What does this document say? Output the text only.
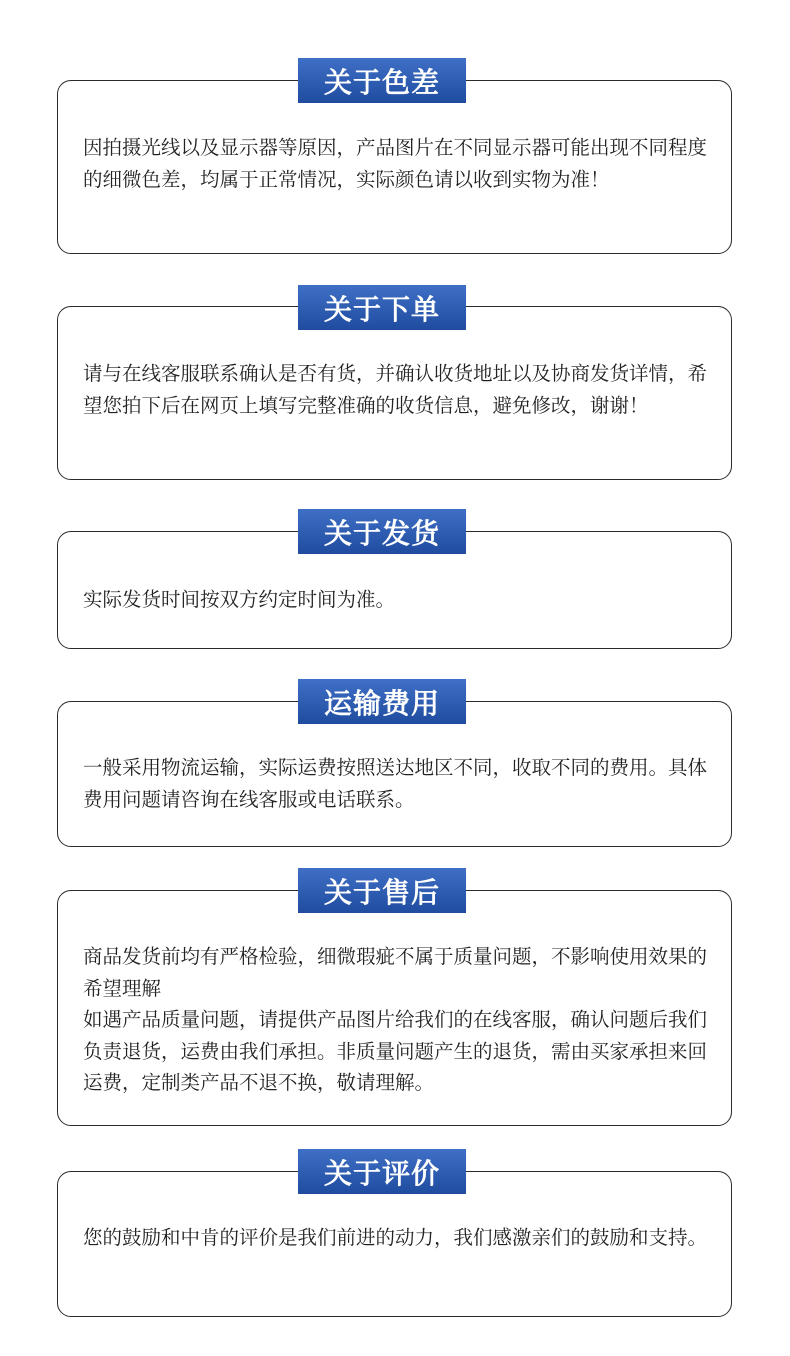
关于色差

因拍摄光线以及显示器等原因，产品图片在不同显示器可能出现不同程度的细微色差，均属于正常情况，实际颜色请以收到实物为准！

关于下单

请与在线客服联系确认是否有货，并确认收货地址以及协商发货详情，希望您拍下后在网页上填写完整准确的收货信息，避免修改，谢谢！

关于发货

实际发货时间按双方约定时间为准。

运输费用

一般采用物流运输，实际运费按照送达地区不同，收取不同的费用。具体费用问题请咨询在线客服或电话联系。

关于售后

商品发货前均有严格检验，细微瑕疵不属于质量问题，不影响使用效果的希望理解

如遇产品质量问题，请提供产品图片给我们的在线客服，确认问题后我们负责退货，运费由我们承担。非质量问题产生的退货，需由买家承担来回 运费，定制类产品不退不换，敬请理解。

关于评价

您的鼓励和中肯的评价是我们前进的动力，我们感激亲们的鼓励和支持。
